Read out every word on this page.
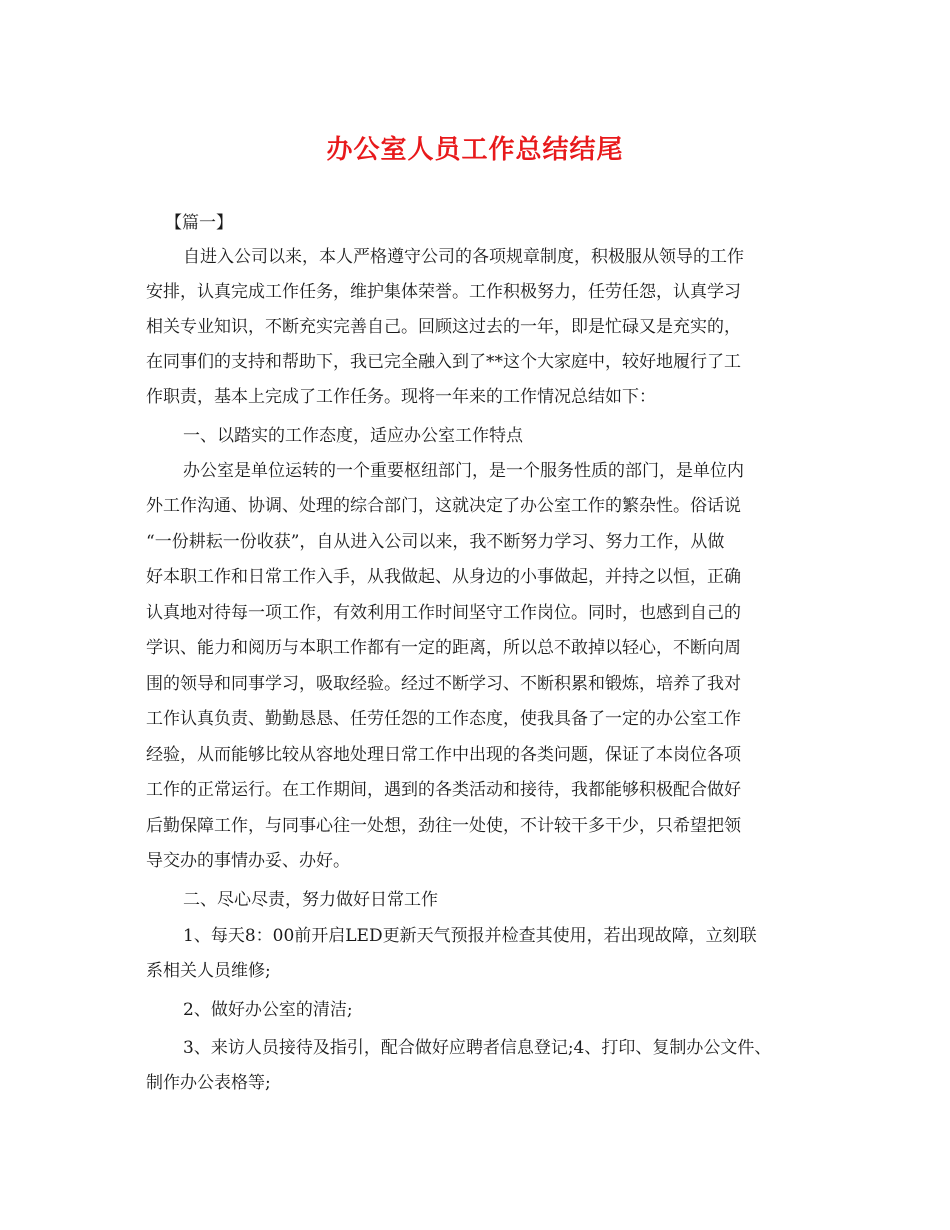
办公室人员工作总结结尾
【篇一】
自进入公司以来，本人严格遵守公司的各项规章制度，积极服从领导的工作
安排，认真完成工作任务，维护集体荣誉。工作积极努力，任劳任怨，认真学习
相关专业知识，不断充实完善自己。回顾这过去的一年，即是忙碌又是充实的，
在同事们的支持和帮助下，我已完全融入到了**这个大家庭中，较好地履行了工
作职责，基本上完成了工作任务。现将一年来的工作情况总结如下：
一、以踏实的工作态度，适应办公室工作特点
办公室是单位运转的一个重要枢纽部门，是一个服务性质的部门，是单位内
外工作沟通、协调、处理的综合部门，这就决定了办公室工作的繁杂性。俗话说
“一份耕耘一份收获”，自从进入公司以来，我不断努力学习、努力工作，从做
好本职工作和日常工作入手，从我做起、从身边的小事做起，并持之以恒，正确
认真地对待每一项工作，有效利用工作时间坚守工作岗位。同时，也感到自己的
学识、能力和阅历与本职工作都有一定的距离，所以总不敢掉以轻心，不断向周
围的领导和同事学习，吸取经验。经过不断学习、不断积累和锻炼，培养了我对
工作认真负责、勤勤恳恳、任劳任怨的工作态度，使我具备了一定的办公室工作
经验，从而能够比较从容地处理日常工作中出现的各类问题，保证了本岗位各项
工作的正常运行。在工作期间，遇到的各类活动和接待，我都能够积极配合做好
后勤保障工作，与同事心往一处想，劲往一处使，不计较干多干少，只希望把领
导交办的事情办妥、办好。
二、尽心尽责，努力做好日常工作
1、每天8：00前开启LED更新天气预报并检查其使用，若出现故障，立刻联
系相关人员维修;
2、做好办公室的清洁;
3、来访人员接待及指引，配合做好应聘者信息登记;4、打印、复制办公文件、
制作办公表格等;
